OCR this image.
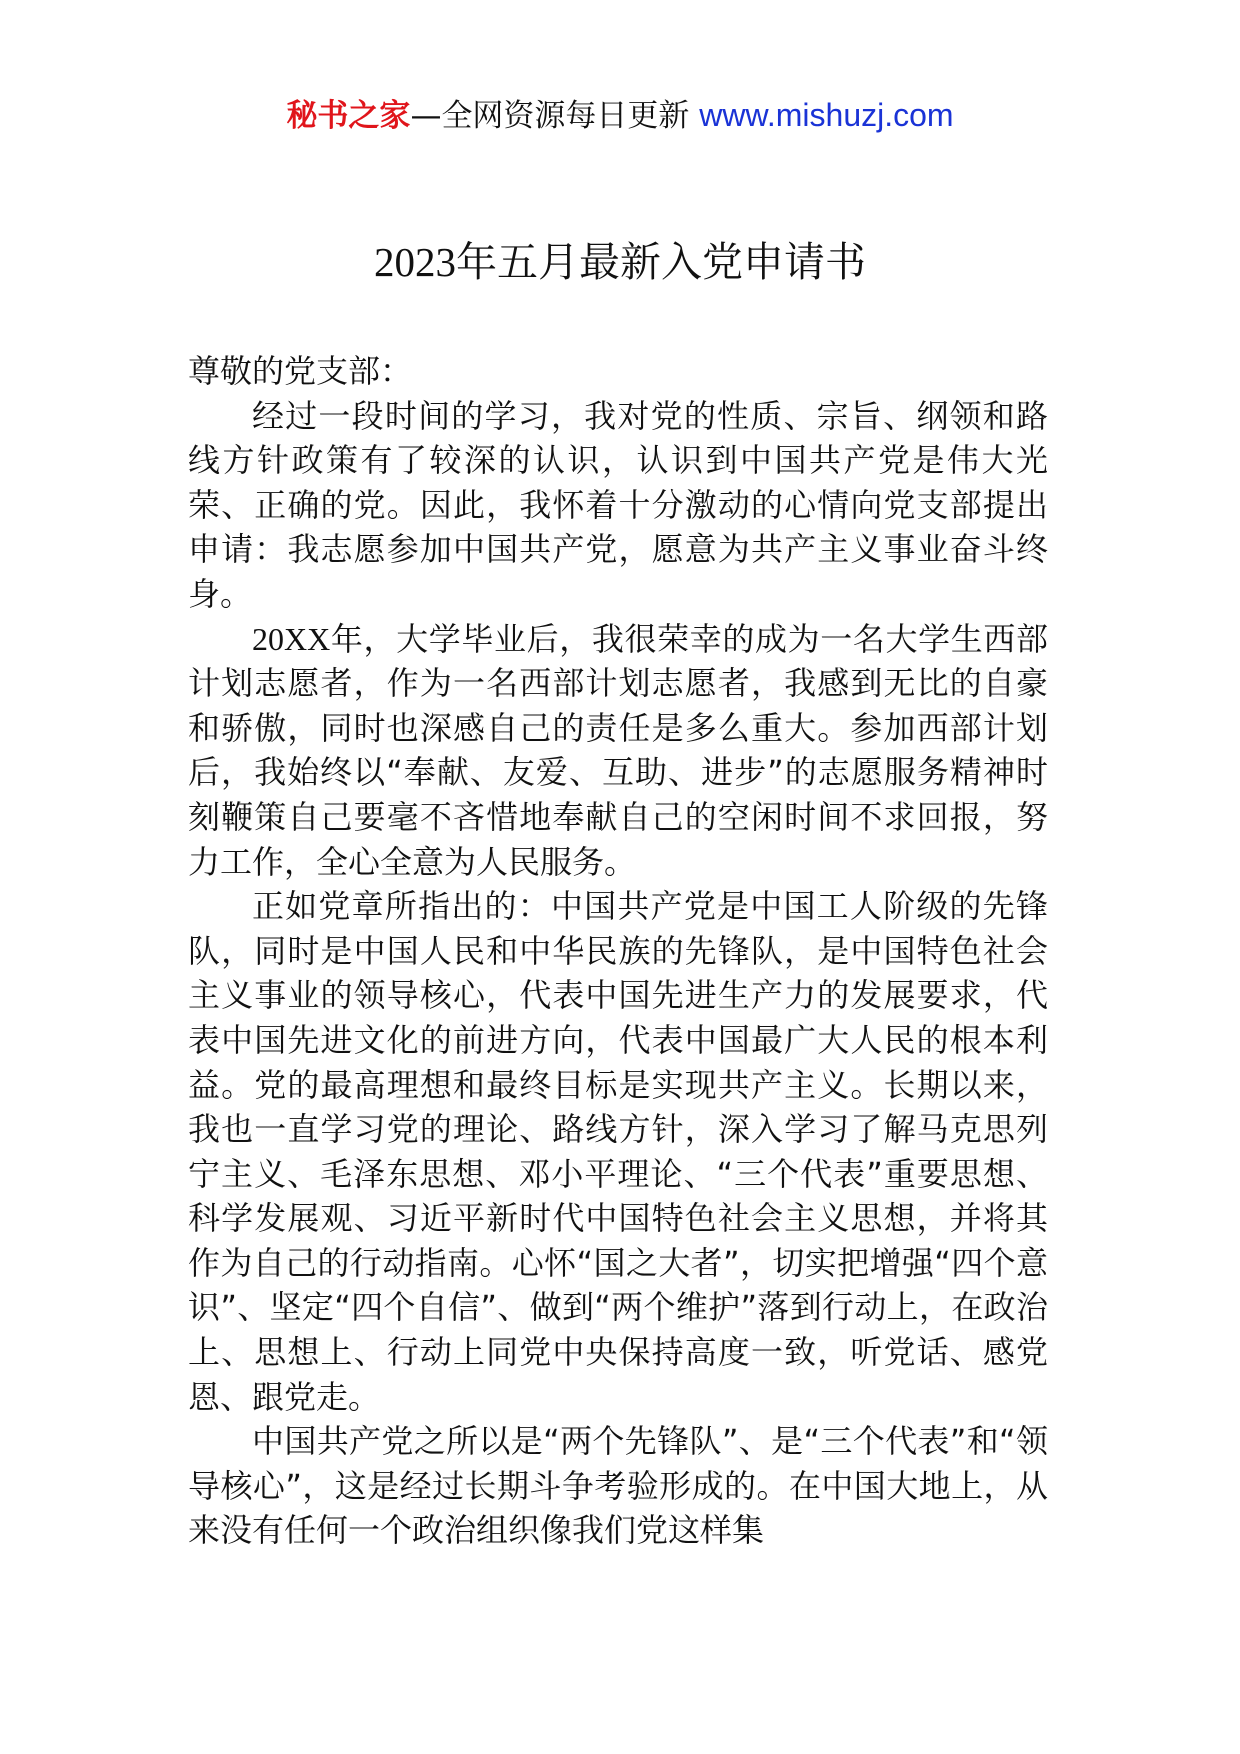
秘书之家—全网资源每日更新 www.mishuzj.com
2023年五月最新入党申请书

尊敬的党支部：

经过一段时间的学习，我对党的性质、宗旨、纲领和路线方针政策有了较深的认识，认识到中国共产党是伟大光荣、正确的党。因此，我怀着十分激动的心情向党支部提出申请：我志愿参加中国共产党，愿意为共产主义事业奋斗终身。

20XX年，大学毕业后，我很荣幸的成为一名大学生西部计划志愿者，作为一名西部计划志愿者，我感到无比的自豪和骄傲，同时也深感自己的责任是多么重大。参加西部计划后，我始终以“奉献、友爱、互助、进步”的志愿服务精神时刻鞭策自己要毫不吝惜地奉献自己的空闲时间不求回报，努力工作，全心全意为人民服务。

正如党章所指出的：中国共产党是中国工人阶级的先锋队，同时是中国人民和中华民族的先锋队，是中国特色社会主义事业的领导核心，代表中国先进生产力的发展要求，代表中国先进文化的前进方向，代表中国最广大人民的根本利益。党的最高理想和最终目标是实现共产主义。长期以来，我也一直学习党的理论、路线方针，深入学习了解马克思列宁主义、毛泽东思想、邓小平理论、“三个代表”重要思想、科学发展观、习近平新时代中国特色社会主义思想，并将其作为自己的行动指南。心怀“国之大者”，切实把增强“四个意识”、坚定“四个自信”、做到“两个维护”落到行动上，在政治上、思想上、行动上同党中央保持高度一致，听党话、感党恩、跟党走。

中国共产党之所以是“两个先锋队”、是“三个代表”和“领导核心”，这是经过长期斗争考验形成的。在中国大地上，从来没有任何一个政治组织像我们党这样集
